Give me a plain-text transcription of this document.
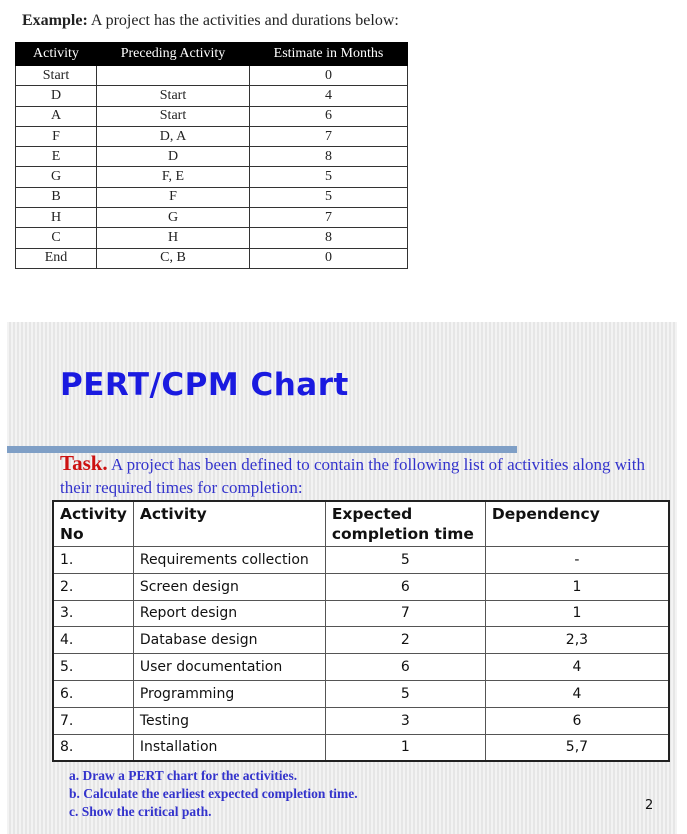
Example: A project has the activities and durations below:
Activity	Preceding Activity	Estimate in Months
Start		0
D	Start	4
A	Start	6
F	D, A	7
E	D	8
G	F, E	5
B	F	5
H	G	7
C	H	8
End	C, B	0
PERT/CPM Chart
Task. A project has been defined to contain the following list of activities along with their required times for completion:
Activity No	Activity	Expected completion time	Dependency
1.	Requirements collection	5	-
2.	Screen design	6	1
3.	Report design	7	1
4.	Database design	2	2,3
5.	User documentation	6	4
6.	Programming	5	4
7.	Testing	3	6
8.	Installation	1	5,7
a. Draw a PERT chart for the activities.
b. Calculate the earliest expected completion time.
c. Show the critical path.	2
